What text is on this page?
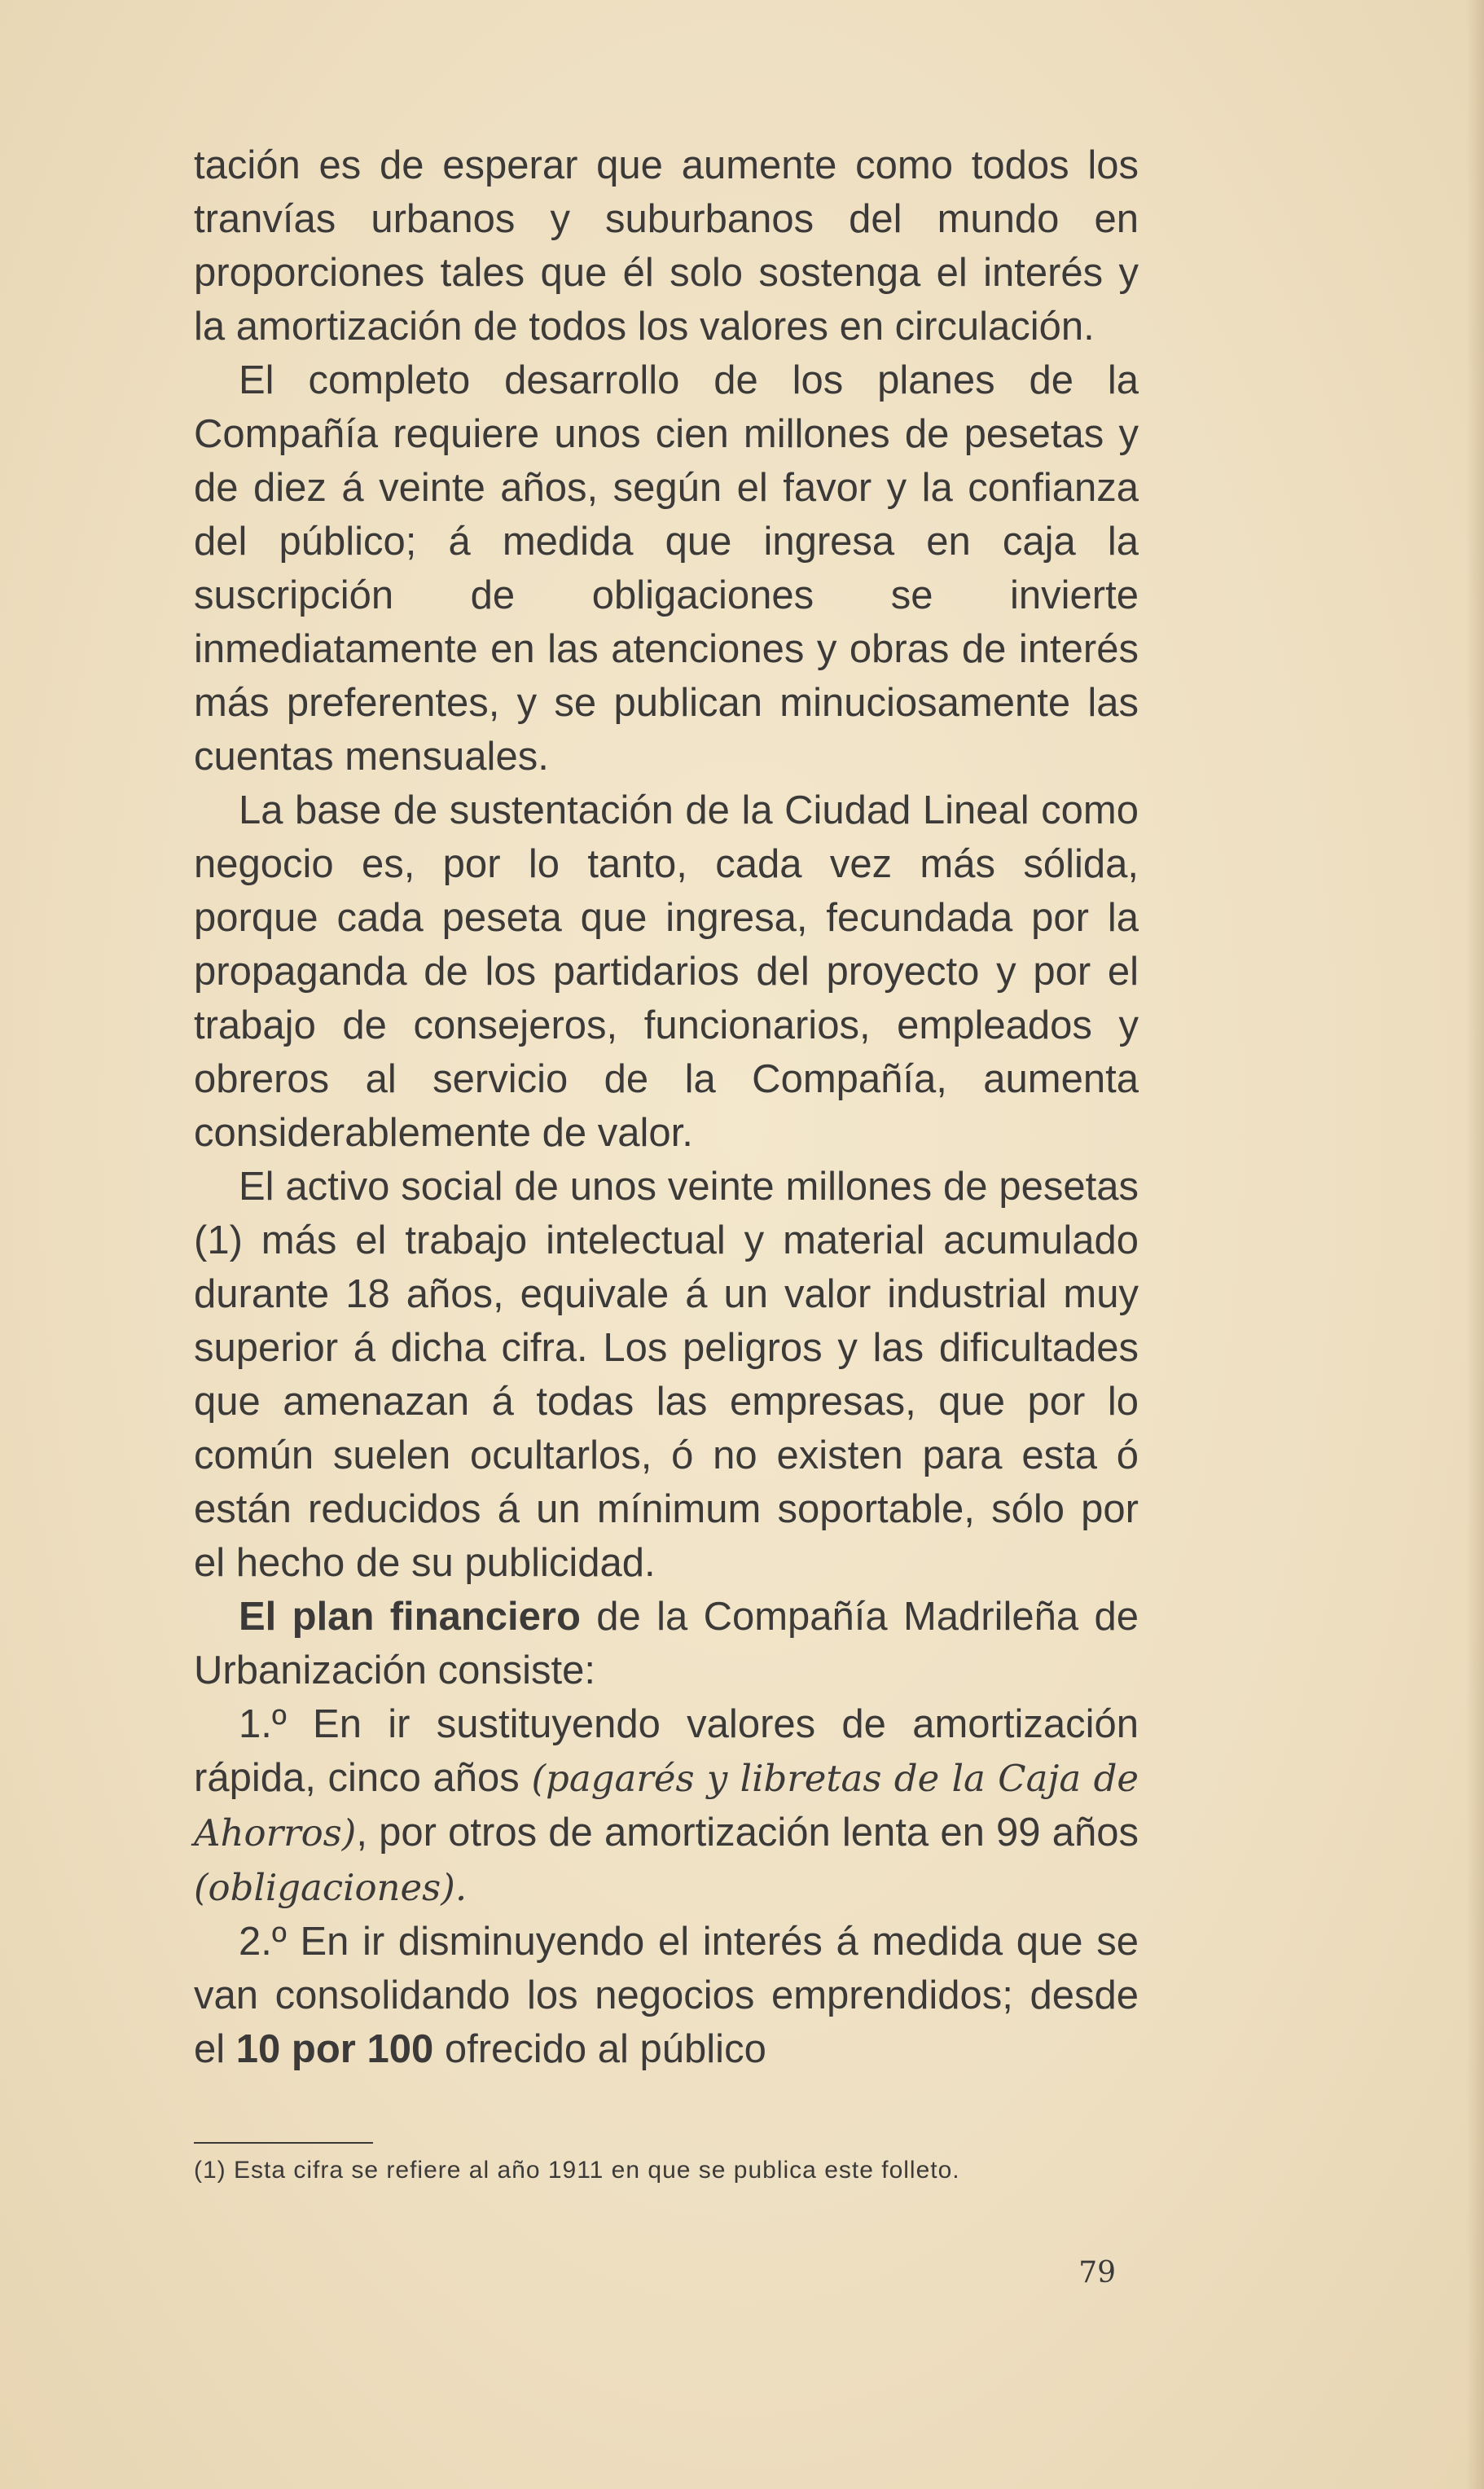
tación es de esperar que aumente como todos los tranvías urbanos y suburbanos del mundo en proporciones tales que él solo sostenga el interés y la amortización de todos los valores en circulación.

El completo desarrollo de los planes de la Compañía requiere unos cien millones de pesetas y de diez á veinte años, según el favor y la confianza del público; á medida que ingresa en caja la suscripción de obligaciones se invierte inmediatamente en las atenciones y obras de interés más preferentes, y se publican minuciosamente las cuentas mensuales.

La base de sustentación de la Ciudad Lineal como negocio es, por lo tanto, cada vez más sólida, porque cada peseta que ingresa, fecundada por la propaganda de los partidarios del proyecto y por el trabajo de consejeros, funcionarios, empleados y obreros al servicio de la Compañía, aumenta considerablemente de valor.

El activo social de unos veinte millones de pesetas (1) más el trabajo intelectual y material acumulado durante 18 años, equivale á un valor industrial muy superior á dicha cifra. Los peligros y las dificultades que amenazan á todas las empresas, que por lo común suelen ocultarlos, ó no existen para esta ó están reducidos á un mínimum soportable, sólo por el hecho de su publicidad.

El plan financiero de la Compañía Madrileña de Urbanización consiste:

1.º En ir sustituyendo valores de amortización rápida, cinco años (pagarés y libretas de la Caja de Ahorros), por otros de amortización lenta en 99 años (obligaciones).

2.º En ir disminuyendo el interés á medida que se van consolidando los negocios emprendidos; desde el 10 por 100 ofrecido al público

(1) Esta cifra se refiere al año 1911 en que se publica este folleto.
79
